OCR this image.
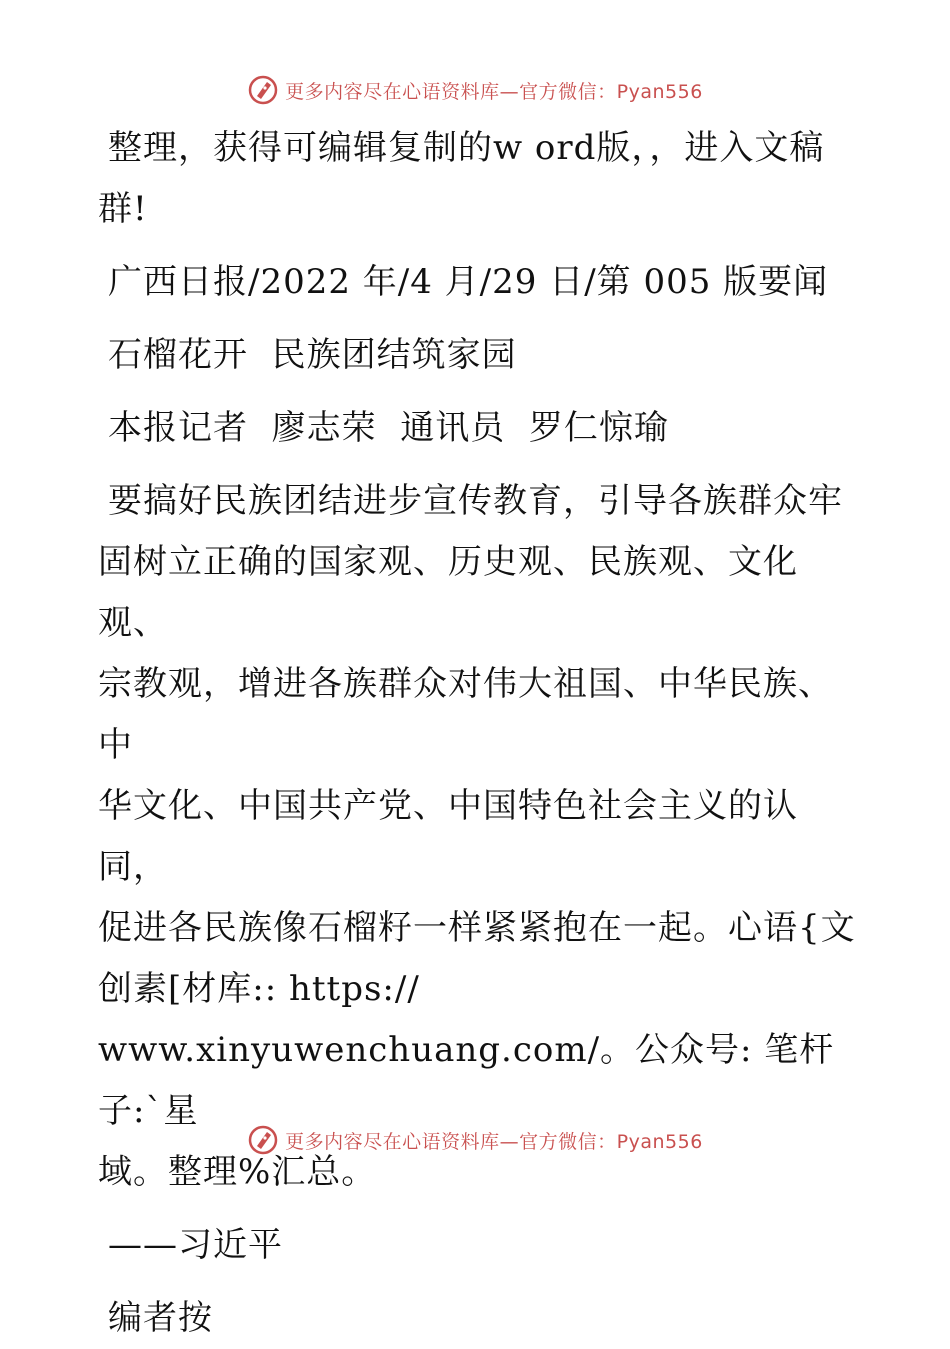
更多内容尽在心语资料库—官方微信：Pyan556

整理，获得可编辑复制的w ord版，，进入文稿

群!

广西日报/2022 年/4 月/29 日/第 005 版要闻

石榴花开  民族团结筑家园

本报记者  廖志荣  通讯员  罗仁惊瑜

要搞好民族团结进步宣传教育，引导各族群众牢

固树立正确的国家观、历史观、民族观、文化观、

宗教观，增进各族群众对伟大祖国、中华民族、中

华文化、中国共产党、中国特色社会主义的认同，

促进各民族像石榴籽一样紧紧抱在一起。心语{文

创素[材库:: https://

www.xinyuwenchuang.com/。公众号: 笔杆子:`星

域。整理%汇总。

——习近平

编者按

更多内容尽在心语资料库—官方微信：Pyan556
